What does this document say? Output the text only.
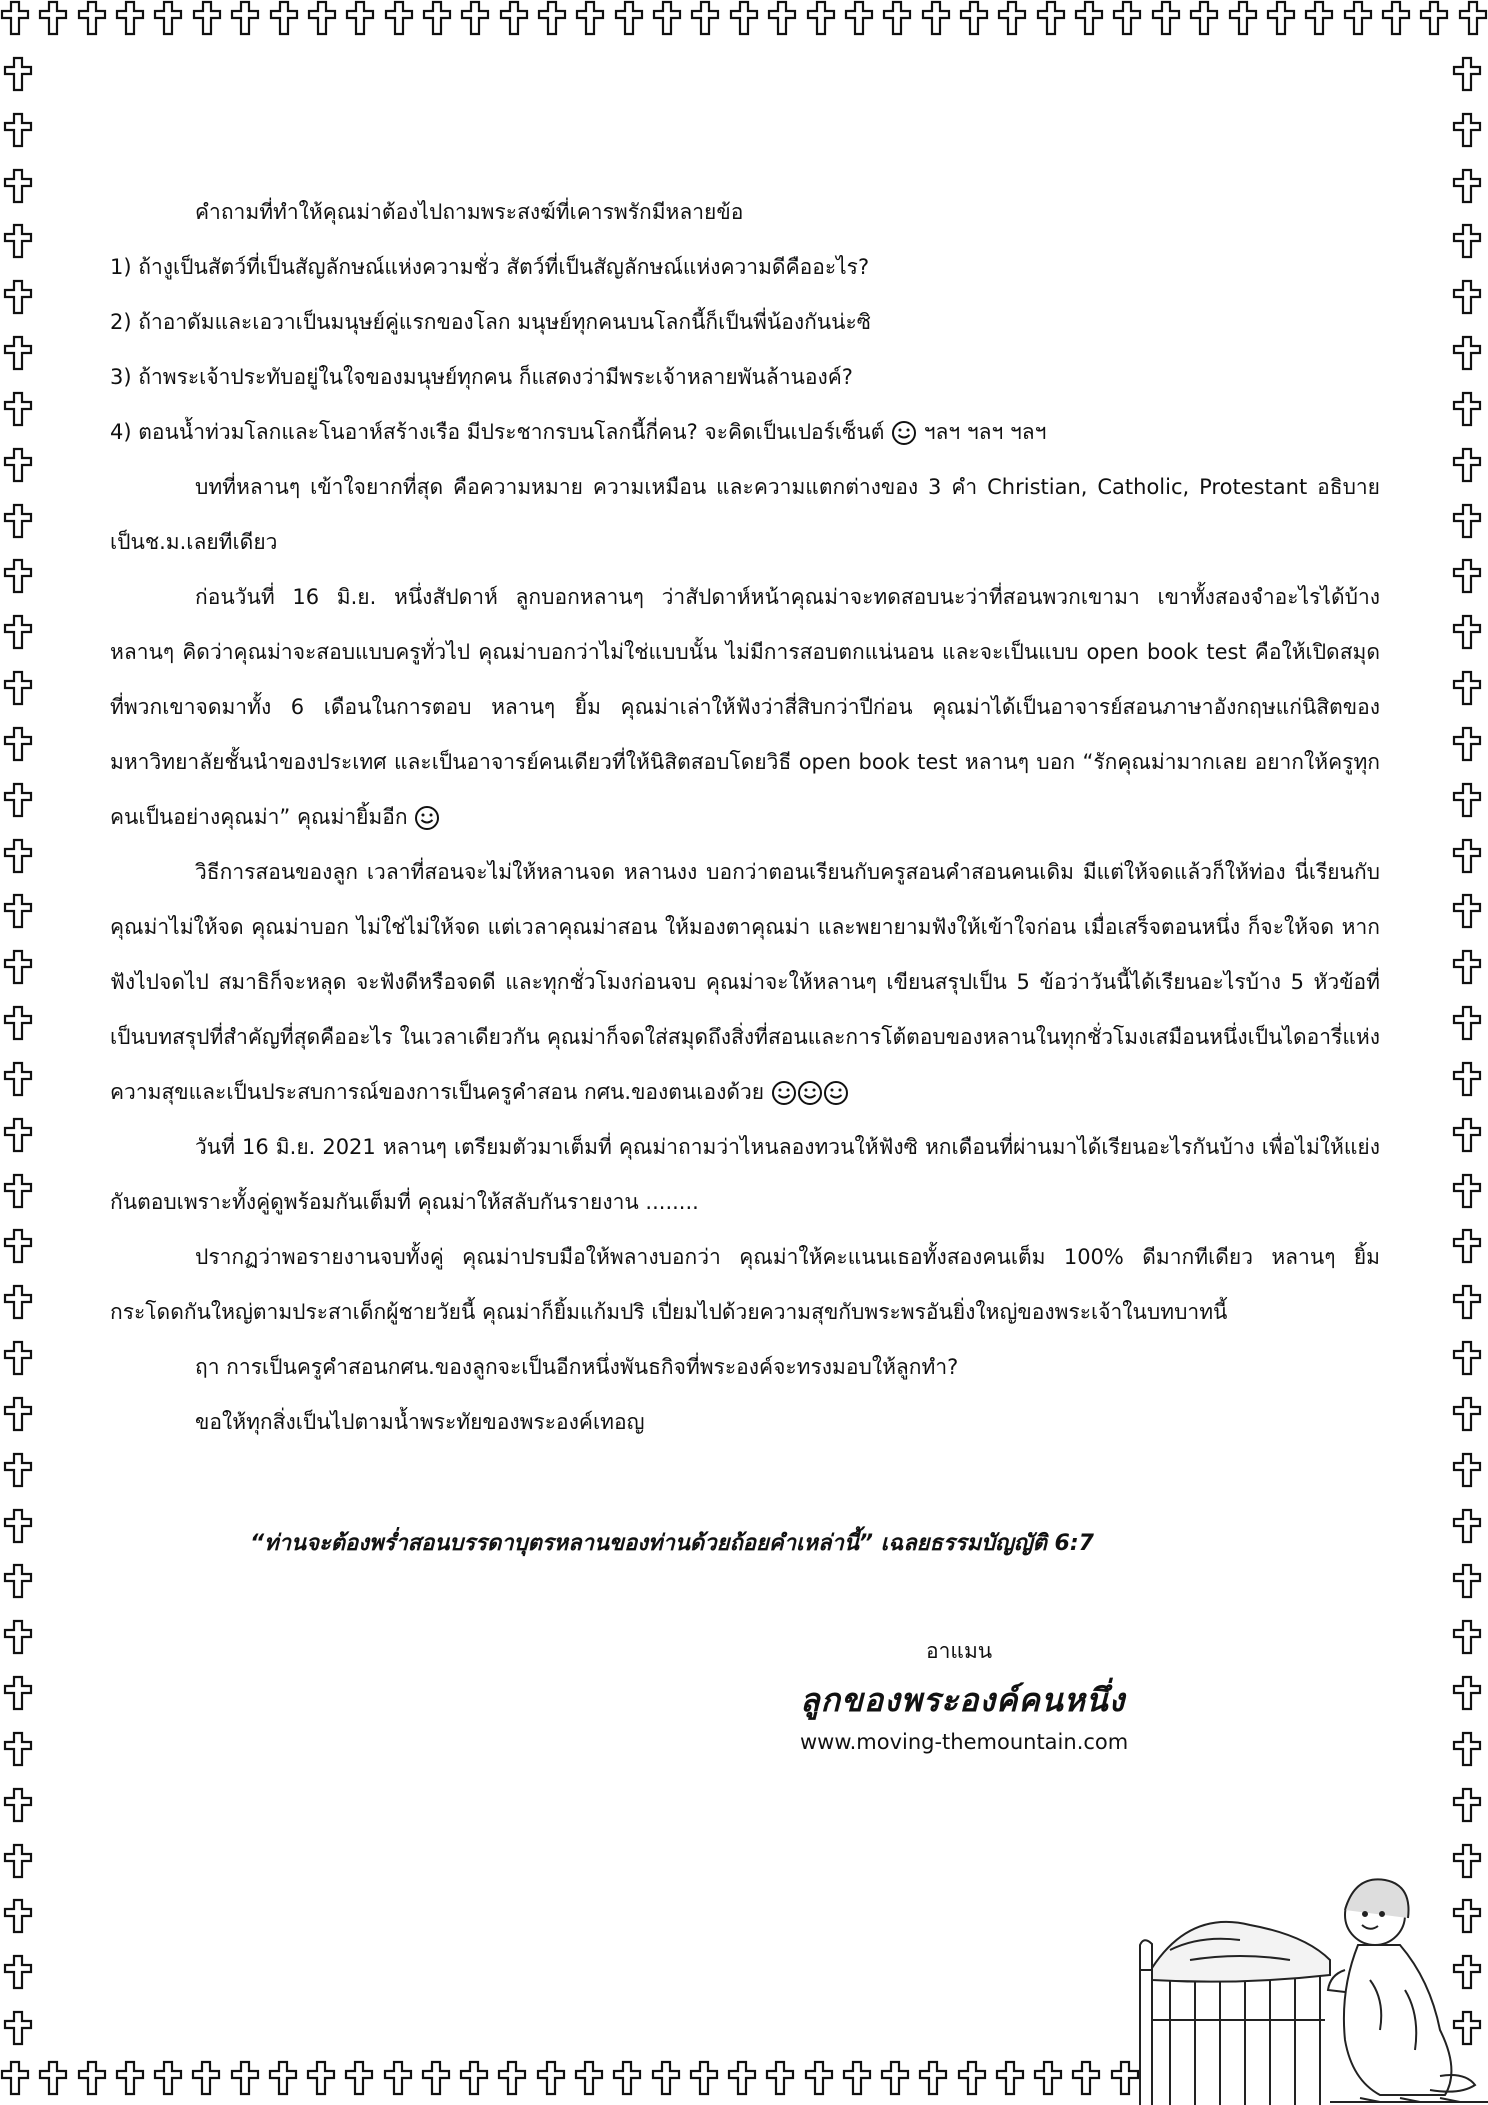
คำถามที่ทำให้คุณม่าต้องไปถามพระสงฆ์ที่เคารพรักมีหลายข้อ

1) ถ้างูเป็นสัตว์ที่เป็นสัญลักษณ์แห่งความชั่ว สัตว์ที่เป็นสัญลักษณ์แห่งความดีคืออะไร?

2) ถ้าอาดัมและเอวาเป็นมนุษย์คู่แรกของโลก มนุษย์ทุกคนบนโลกนี้ก็เป็นพี่น้องกันน่ะซิ

3) ถ้าพระเจ้าประทับอยู่ในใจของมนุษย์ทุกคน ก็แสดงว่ามีพระเจ้าหลายพันล้านองค์?

4) ตอนน้ำท่วมโลกและโนอาห์สร้างเรือ มีประชากรบนโลกนี้กี่คน? จะคิดเป็นเปอร์เซ็นต์ ฯลฯ ฯลฯ ฯลฯ

บทที่หลานๆ เข้าใจยากที่สุด คือความหมาย ความเหมือน และความแตกต่างของ 3 คำ Christian, Catholic, Protestant อธิบายเป็นช.ม.เลยทีเดียว

ก่อนวันที่ 16 มิ.ย. หนึ่งสัปดาห์ ลูกบอกหลานๆ ว่าสัปดาห์หน้าคุณม่าจะทดสอบนะว่าที่สอนพวกเขามา เขาทั้งสองจำอะไรได้บ้าง หลานๆ คิดว่าคุณม่าจะสอบแบบครูทั่วไป คุณม่าบอกว่าไม่ใช่แบบนั้น ไม่มีการสอบตกแน่นอน และจะเป็นแบบ open book test คือให้เปิดสมุดที่พวกเขาจดมาทั้ง 6 เดือนในการตอบ หลานๆ ยิ้ม คุณม่าเล่าให้ฟังว่าสี่สิบกว่าปีก่อน คุณม่าได้เป็นอาจารย์สอนภาษาอังกฤษแก่นิสิตของมหาวิทยาลัยชั้นนำของประเทศ และเป็นอาจารย์คนเดียวที่ให้นิสิตสอบโดยวิธี open book test หลานๆ บอก “รักคุณม่ามากเลย อยากให้ครูทุกคนเป็นอย่างคุณม่า” คุณม่ายิ้มอีก

วิธีการสอนของลูก เวลาที่สอนจะไม่ให้หลานจด หลานงง บอกว่าตอนเรียนกับครูสอนคำสอนคนเดิม มีแต่ให้จดแล้วก็ให้ท่อง นี่เรียนกับคุณม่าไม่ให้จด คุณม่าบอก ไม่ใช่ไม่ให้จด แต่เวลาคุณม่าสอน ให้มองตาคุณม่า และพยายามฟังให้เข้าใจก่อน เมื่อเสร็จตอนหนึ่ง ก็จะให้จด หากฟังไปจดไป สมาธิก็จะหลุด จะฟังดีหรือจดดี และทุกชั่วโมงก่อนจบ คุณม่าจะให้หลานๆ เขียนสรุปเป็น 5 ข้อว่าวันนี้ได้เรียนอะไรบ้าง 5 หัวข้อที่เป็นบทสรุปที่สำคัญที่สุดคืออะไร ในเวลาเดียวกัน คุณม่าก็จดใส่สมุดถึงสิ่งที่สอนและการโต้ตอบของหลานในทุกชั่วโมงเสมือนหนึ่งเป็นไดอารี่แห่งความสุขและเป็นประสบการณ์ของการเป็นครูคำสอน กศน.ของตนเองด้วย

วันที่ 16 มิ.ย. 2021 หลานๆ เตรียมตัวมาเต็มที่ คุณม่าถามว่าไหนลองทวนให้ฟังซิ หกเดือนที่ผ่านมาได้เรียนอะไรกันบ้าง เพื่อไม่ให้แย่งกันตอบเพราะทั้งคู่ดูพร้อมกันเต็มที่ คุณม่าให้สลับกันรายงาน ........

ปรากฏว่าพอรายงานจบทั้งคู่ คุณม่าปรบมือให้พลางบอกว่า คุณม่าให้คะแนนเธอทั้งสองคนเต็ม 100% ดีมากทีเดียว หลานๆ ยิ้ม กระโดดกันใหญ่ตามประสาเด็กผู้ชายวัยนี้ คุณม่าก็ยิ้มแก้มปริ เปี่ยมไปด้วยความสุขกับพระพรอันยิ่งใหญ่ของพระเจ้าในบทบาทนี้

ฤา การเป็นครูคำสอนกศน.ของลูกจะเป็นอีกหนึ่งพันธกิจที่พระองค์จะทรงมอบให้ลูกทำ?

ขอให้ทุกสิ่งเป็นไปตามน้ำพระทัยของพระองค์เทอญ

“ท่านจะต้องพร่ำสอนบรรดาบุตรหลานของท่านด้วยถ้อยคำเหล่านี้” เฉลยธรรมบัญญัติ 6:7
อาแมน
ลูกของพระองค์คนหนึ่ง
www.moving-themountain.com
